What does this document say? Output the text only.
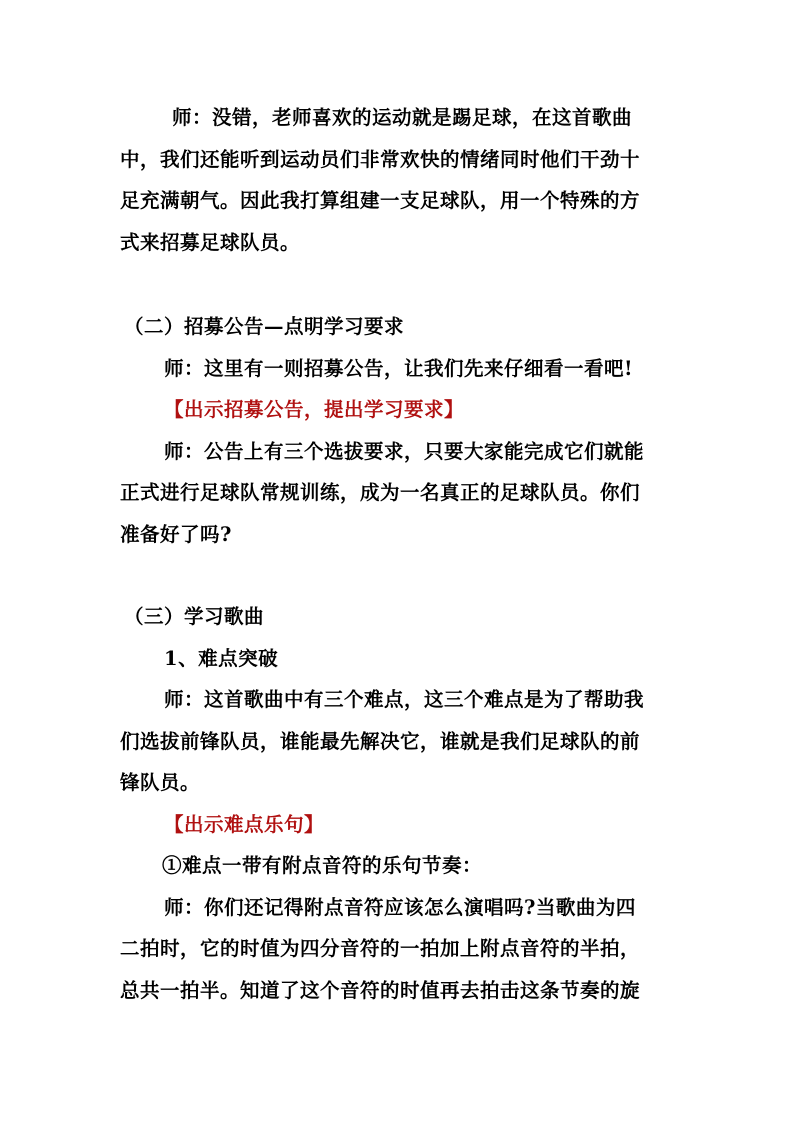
师：没错，老师喜欢的运动就是踢足球，在这首歌曲
中，我们还能听到运动员们非常欢快的情绪同时他们干劲十
足充满朝气。因此我打算组建一支足球队，用一个特殊的方
式来招募足球队员。
（二）招募公告—点明学习要求
师：这里有一则招募公告，让我们先来仔细看一看吧!
【出示招募公告，提出学习要求】
师：公告上有三个选拔要求，只要大家能完成它们就能
正式进行足球队常规训练，成为一名真正的足球队员。你们
准备好了吗?
（三）学习歌曲
1、难点突破
师：这首歌曲中有三个难点，这三个难点是为了帮助我
们选拔前锋队员，谁能最先解决它，谁就是我们足球队的前
锋队员。
【出示难点乐句】
①难点一带有附点音符的乐句节奏：
师：你们还记得附点音符应该怎么演唱吗?当歌曲为四
二拍时，它的时值为四分音符的一拍加上附点音符的半拍，
总共一拍半。知道了这个音符的时值再去拍击这条节奏的旋
